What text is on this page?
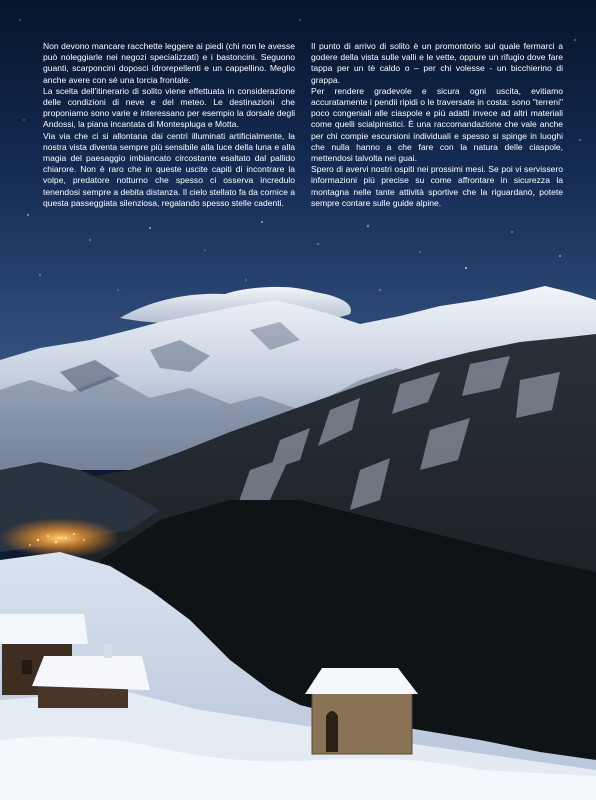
Non devono mancare racchette leggere ai piedi (chi non le avesse può noleggiarle nei negozi specializzati) e i bastoncini. Seguono guanti, scarponcini doposci idrorepellenti e un cappellino. Meglio anche avere con sé una torcia frontale.

La scelta dell'itinerario di solito viene effettuata in considerazione delle condizioni di neve e del meteo. Le destinazioni che proponiamo sono varie e interessano per esempio la dorsale degli Andossi, la piana incantata di Montespluga e Motta.

Via via che ci si allontana dai centri illuminati artificialmente, la nostra vista diventa sempre più sensibile alla luce della luna e alla magia del paesaggio imbiancato circostante esaltato dal pallido chiarore. Non è raro che in queste uscite capiti di incontrare la volpe, predatore notturno che spesso ci osserva incredulo tenendosi sempre a debita distanza. Il cielo stellato fa da cornice a questa passeggiata silenziosa, regalando spesso stelle cadenti.

Il punto di arrivo di solito è un promontorio sul quale fermarci a godere della vista sulle valli e le vette, oppure un rifugio dove fare tappa per un tè caldo o – per chi volesse - un bicchierino di grappa.

Per rendere gradevole e sicura ogni uscita, evitiamo accuratamente i pendii ripidi o le traversate in costa: sono "terreni" poco congeniali alle ciaspole e più adatti invece ad altri materiali come quelli scialpinistici. È una raccomandazione che vale anche per chi compie escursioni individuali e spesso si spinge in luoghi che nulla hanno a che fare con la natura delle ciaspole, mettendosi talvolta nei guai.

Spero di avervi nostri ospiti nei prossimi mesi. Se poi vi servissero informazioni più precise su come affrontare in sicurezza la montagna nelle tante attività sportive che la riguardano, potete sempre contare sulle guide alpine.
